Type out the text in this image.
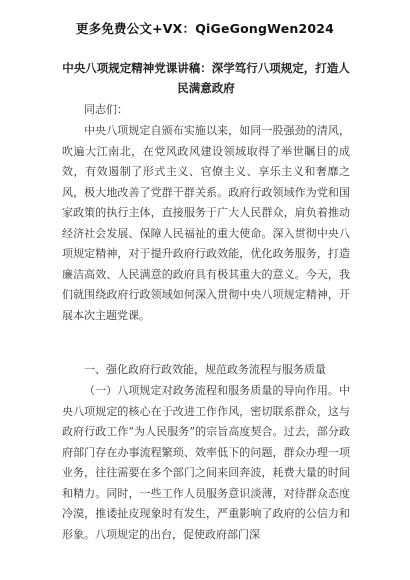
更多免费公文+VX：QiGeGongWen2024
中央八项规定精神党课讲稿：深学笃行八项规定，打造人民满意政府
同志们：
中央八项规定自颁布实施以来，如同一股强劲的清风，吹遍大江南北，在党风政风建设领域取得了举世瞩目的成效，有效遏制了形式主义、官僚主义、享乐主义和奢靡之风，极大地改善了党群干群关系。政府行政领域作为党和国家政策的执行主体，直接服务于广大人民群众，肩负着推动经济社会发展、保障人民福祉的重大使命。深入贯彻中央八项规定精神，对于提升政府行政效能，优化政务服务，打造廉洁高效、人民满意的政府具有极其重大的意义。今天，我们就围绕政府行政领域如何深入贯彻中央八项规定精神，开展本次主题党课。
一、强化政府行政效能，规范政务流程与服务质量
（一）八项规定对政务流程和服务质量的导向作用。中央八项规定的核心在于改进工作作风，密切联系群众，这与政府行政工作“为人民服务”的宗旨高度契合。过去，部分政府部门存在办事流程繁琐、效率低下的问题，群众办理一项业务，往往需要在多个部门之间来回奔波，耗费大量的时间和精力。同时，一些工作人员服务意识淡薄，对待群众态度冷漠，推诿扯皮现象时有发生，严重影响了政府的公信力和形象。八项规定的出台，促使政府部门深
